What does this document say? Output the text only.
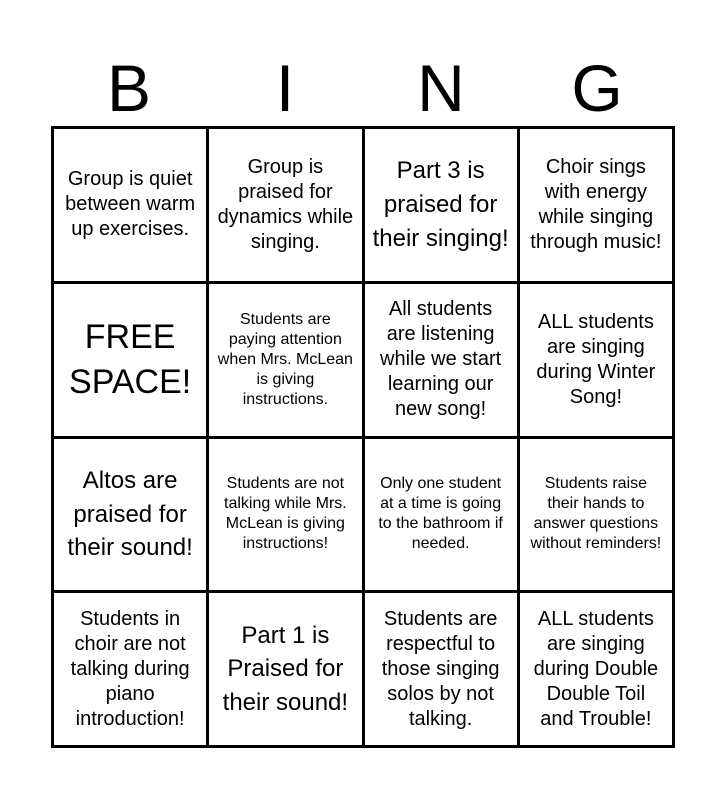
B	I	N	G
Group is quiet between warm up exercises.
Group is praised for dynamics while singing.
Part 3 is praised for their singing!
Choir sings with energy while singing through music!
FREE SPACE!
Students are paying attention when Mrs. McLean is giving instructions.
All students are listening while we start learning our new song!
ALL students are singing during Winter Song!
Altos are praised for their sound!
Students are not talking while Mrs. McLean is giving instructions!
Only one student at a time is going to the bathroom if needed.
Students raise their hands to answer questions without reminders!
Students in choir are not talking during piano introduction!
Part 1 is Praised for their sound!
Students are respectful to those singing solos by not talking.
ALL students are singing during Double Double Toil and Trouble!
